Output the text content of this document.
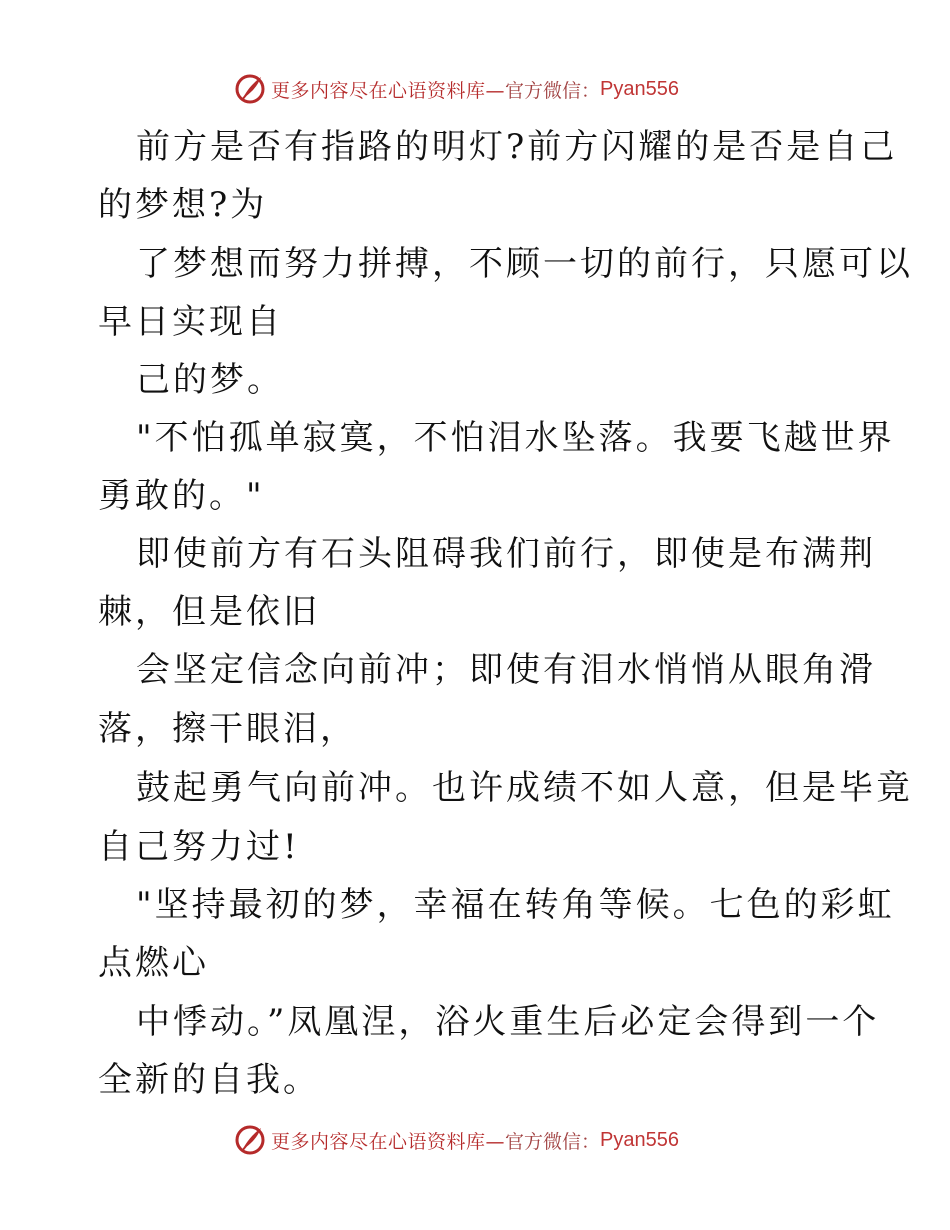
更多内容尽在心语资料库— 官方微信： Pyan556
前方是否有指路的明灯?前方闪耀的是否是自己
的梦想?为
了梦想而努力拼搏，不顾一切的前行，只愿可以
早日实现自
己的梦。
"不怕孤单寂寞，不怕泪水坠落。我要飞越世界
勇敢的。"
即使前方有石头阻碍我们前行，即使是布满荆
棘，但是依旧
会坚定信念向前冲；即使有泪水悄悄从眼角滑
落，擦干眼泪，
鼓起勇气向前冲。也许成绩不如人意，但是毕竟
自己努力过!
"坚持最初的梦，幸福在转角等候。七色的彩虹
点燃心
中悸动。”凤凰涅，浴火重生后必定会得到一个
全新的自我。
更多内容尽在心语资料库— 官方微信： Pyan556
